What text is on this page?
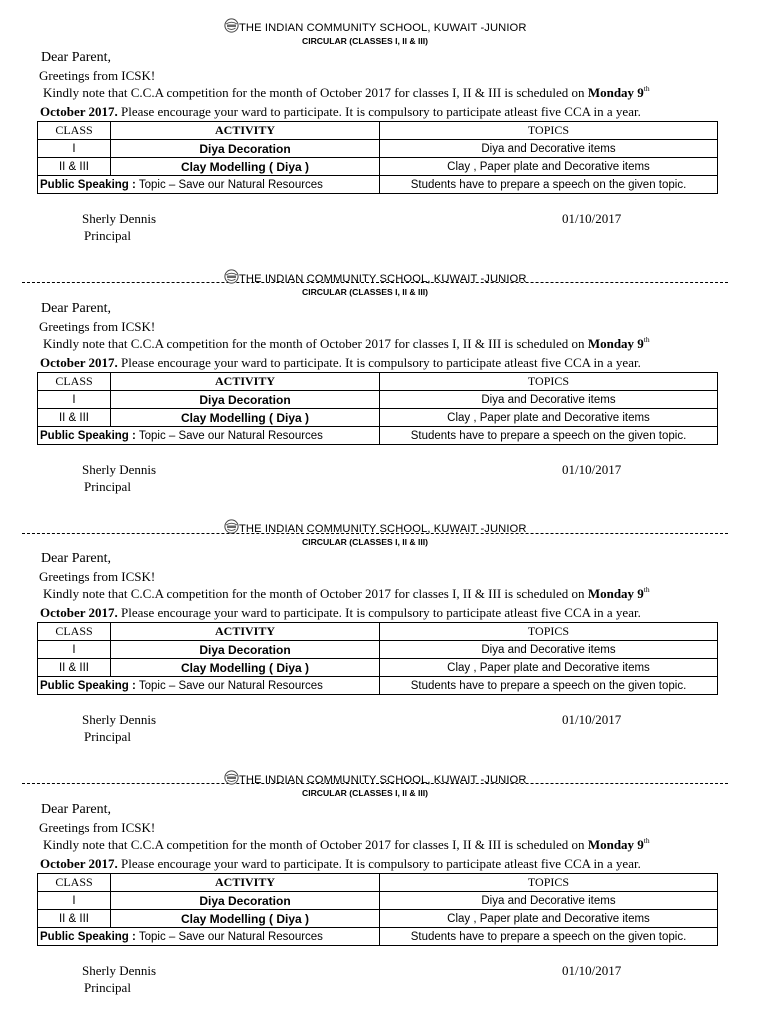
THE INDIAN COMMUNITY SCHOOL, KUWAIT -JUNIOR
CIRCULAR (CLASSES I, II & III)
Dear Parent,
Greetings from ICSK!
Kindly note that C.C.A competition for the month of October 2017 for classes I, II & III is scheduled on Monday 9th
October 2017. Please encourage your ward to participate. It is compulsory to participate atleast five CCA in a year.
CLASS	ACTIVITY	TOPICS
I	Diya Decoration	Diya and Decorative items
II & III	Clay Modelling ( Diya )	Clay , Paper plate and Decorative items
Public Speaking : Topic – Save our Natural Resources		Students have to prepare a speech on the given topic.
Sherly Dennis
Principal
01/10/2017
THE INDIAN COMMUNITY SCHOOL, KUWAIT -JUNIOR
CIRCULAR (CLASSES I, II & III)
Dear Parent,
Greetings from ICSK!
Kindly note that C.C.A competition for the month of October 2017 for classes I, II & III is scheduled on Monday 9th
October 2017. Please encourage your ward to participate. It is compulsory to participate atleast five CCA in a year.
CLASS	ACTIVITY	TOPICS
I	Diya Decoration	Diya and Decorative items
II & III	Clay Modelling ( Diya )	Clay , Paper plate and Decorative items
Public Speaking : Topic – Save our Natural Resources		Students have to prepare a speech on the given topic.
Sherly Dennis
Principal
01/10/2017
THE INDIAN COMMUNITY SCHOOL, KUWAIT -JUNIOR
CIRCULAR (CLASSES I, II & III)
Dear Parent,
Greetings from ICSK!
Kindly note that C.C.A competition for the month of October 2017 for classes I, II & III is scheduled on Monday 9th
October 2017. Please encourage your ward to participate. It is compulsory to participate atleast five CCA in a year.
CLASS	ACTIVITY	TOPICS
I	Diya Decoration	Diya and Decorative items
II & III	Clay Modelling ( Diya )	Clay , Paper plate and Decorative items
Public Speaking : Topic – Save our Natural Resources		Students have to prepare a speech on the given topic.
Sherly Dennis
Principal
01/10/2017
THE INDIAN COMMUNITY SCHOOL, KUWAIT -JUNIOR
CIRCULAR (CLASSES I, II & III)
Dear Parent,
Greetings from ICSK!
Kindly note that C.C.A competition for the month of October 2017 for classes I, II & III is scheduled on Monday 9th
October 2017. Please encourage your ward to participate. It is compulsory to participate atleast five CCA in a year.
CLASS	ACTIVITY	TOPICS
I	Diya Decoration	Diya and Decorative items
II & III	Clay Modelling ( Diya )	Clay , Paper plate and Decorative items
Public Speaking : Topic – Save our Natural Resources		Students have to prepare a speech on the given topic.
Sherly Dennis
Principal
01/10/2017
